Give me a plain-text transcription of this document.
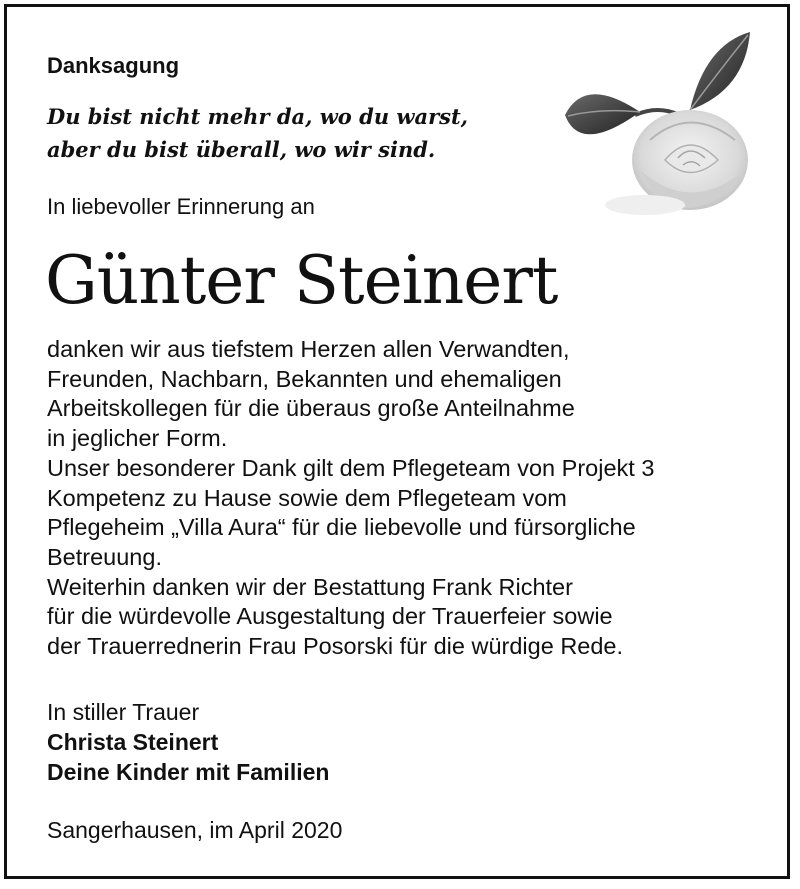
Danksagung
Du bist nicht mehr da, wo du warst,
aber du bist überall, wo wir sind.
In liebevoller Erinnerung an
Günter Steinert
danken wir aus tiefstem Herzen allen Verwandten,
Freunden, Nachbarn, Bekannten und ehemaligen
Arbeitskollegen für die überaus große Anteilnahme
in jeglicher Form.
Unser besonderer Dank gilt dem Pflegeteam von Projekt 3
Kompetenz zu Hause sowie dem Pflegeteam vom
Pflegeheim „Villa Aura“ für die liebevolle und fürsorgliche
Betreuung.
Weiterhin danken wir der Bestattung Frank Richter
für die würdevolle Ausgestaltung der Trauerfeier sowie
der Trauerrednerin Frau Posorski für die würdige Rede.
In stiller Trauer
Christa Steinert
Deine Kinder mit Familien
Sangerhausen, im April 2020
